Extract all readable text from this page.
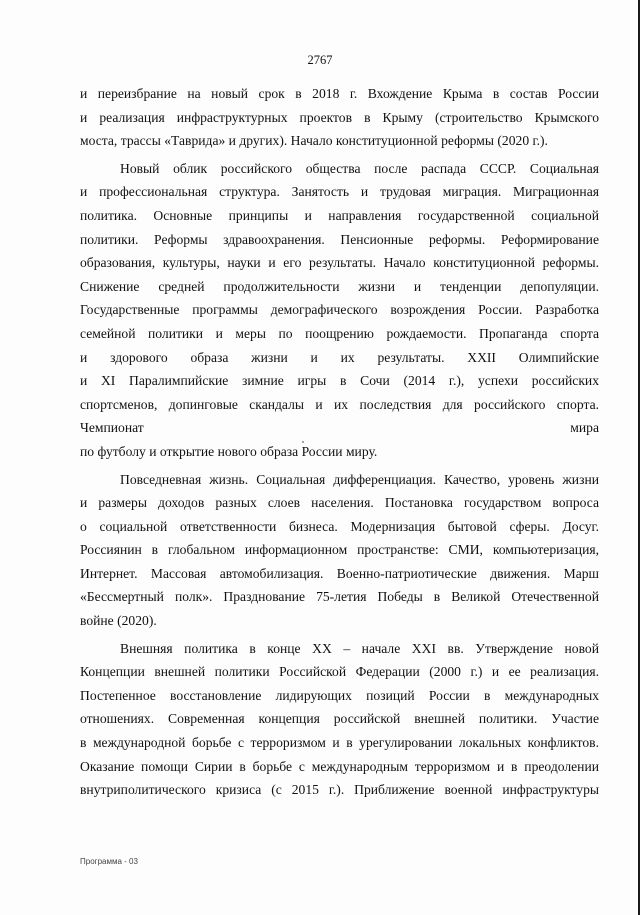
2767
и переизбрание на новый срок в 2018 г. Вхождение Крыма в состав России
и реализация инфраструктурных проектов в Крыму (строительство Крымского
моста, трассы «Таврида» и других). Начало конституционной реформы (2020 г.).
Новый облик российского общества после распада СССР. Социальная
и профессиональная структура. Занятость и трудовая миграция. Миграционная
политика. Основные принципы и направления государственной социальной
политики. Реформы здравоохранения. Пенсионные реформы. Реформирование
образования, культуры, науки и его результаты. Начало конституционной реформы.
Снижение средней продолжительности жизни и тенденции депопуляции.
Государственные программы демографического возрождения России. Разработка
семейной политики и меры по поощрению рождаемости. Пропаганда спорта
и здорового образа жизни и их результаты. XXII Олимпийские
и XI Паралимпийские зимние игры в Сочи (2014 г.), успехи российских
спортсменов, допинговые скандалы и их последствия для российского спорта.
Чемпионат мира
по футболу и открытие нового образа России миру.
Повседневная жизнь. Социальная дифференциация. Качество, уровень жизни
и размеры доходов разных слоев населения. Постановка государством вопроса
о социальной ответственности бизнеса. Модернизация бытовой сферы. Досуг.
Россиянин в глобальном информационном пространстве: СМИ, компьютеризация,
Интернет. Массовая автомобилизация. Военно-патриотические движения. Марш
«Бессмертный полк». Празднование 75-летия Победы в Великой Отечественной
войне (2020).
Внешняя политика в конце XX – начале XXI вв. Утверждение новой
Концепции внешней политики Российской Федерации (2000 г.) и ее реализация.
Постепенное восстановление лидирующих позиций России в международных
отношениях. Современная концепция российской внешней политики. Участие
в международной борьбе с терроризмом и в урегулировании локальных конфликтов.
Оказание помощи Сирии в борьбе с международным терроризмом и в преодолении
внутриполитического кризиса (с 2015 г.). Приближение военной инфраструктуры
Программа - 03
